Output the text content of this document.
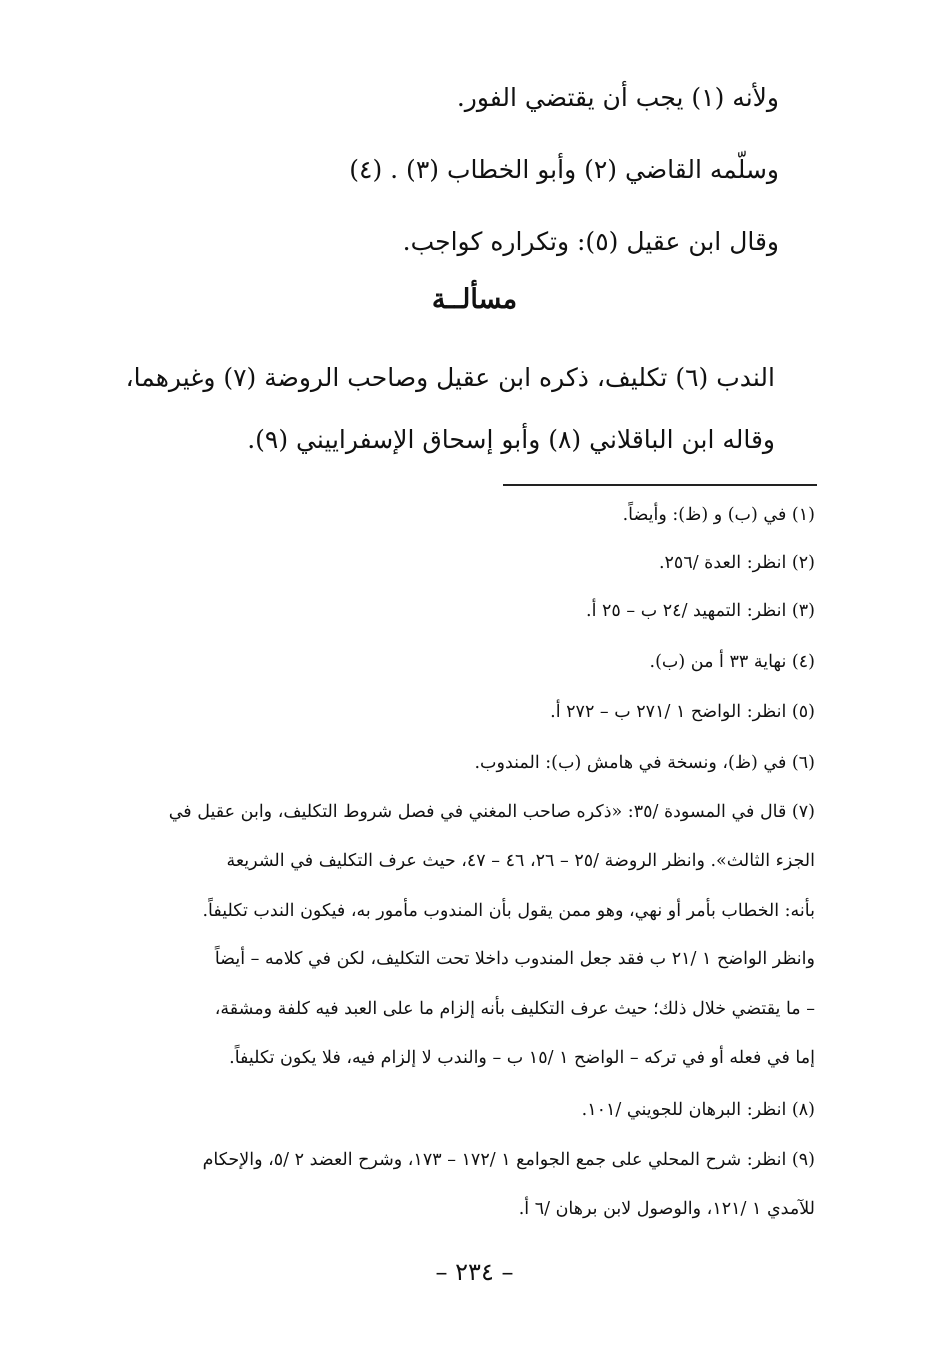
ولأنه (١) يجب أن يقتضي الفور.

وسلّمه القاضي (٢) وأبو الخطاب (٣) . (٤)

وقال ابن عقيل (٥): وتكراره كواجب.

مسألــة

الندب (٦) تكليف، ذكره ابن عقيل وصاحب الروضة (٧) وغيرهما،

وقاله ابن الباقلاني (٨) وأبو إسحاق الإسفراييني (٩).

(١) في (ب) و (ظ): وأيضاً.

(٢) انظر: العدة /٢٥٦.

(٣) انظر: التمهيد /٢٤ ب – ٢٥ أ.

(٤) نهاية ٣٣ أ من (ب).

(٥) انظر: الواضح ١ /٢٧١ ب – ٢٧٢ أ.

(٦) في (ظ)، ونسخة في هامش (ب): المندوب.

(٧) قال في المسودة /٣٥: «ذكره صاحب المغني في فصل شروط التكليف، وابن عقيل في

الجزء الثالث». وانظر الروضة /٢٥ – ٢٦، ٤٦ – ٤٧، حيث عرف التكليف في الشريعة

بأنه: الخطاب بأمر أو نهي، وهو ممن يقول بأن المندوب مأمور به، فيكون الندب تكليفاً.

وانظر الواضح ١ /٢١ ب فقد جعل المندوب داخلا تحت التكليف، لكن في كلامه – أيضاً

– ما يقتضي خلال ذلك؛ حيث عرف التكليف بأنه إلزام ما على العبد فيه كلفة ومشقة،

إما في فعله أو في تركه – الواضح ١ /١٥ ب – والندب لا إلزام فيه، فلا يكون تكليفاً.

(٨) انظر: البرهان للجويني /١٠١.

(٩) انظر: شرح المحلي على جمع الجوامع ١ /١٧٢ – ١٧٣، وشرح العضد ٢ /٥، والإحكام

للآمدي ١ /١٢١، والوصول لابن برهان /٦ أ.

– ٢٣٤ –
